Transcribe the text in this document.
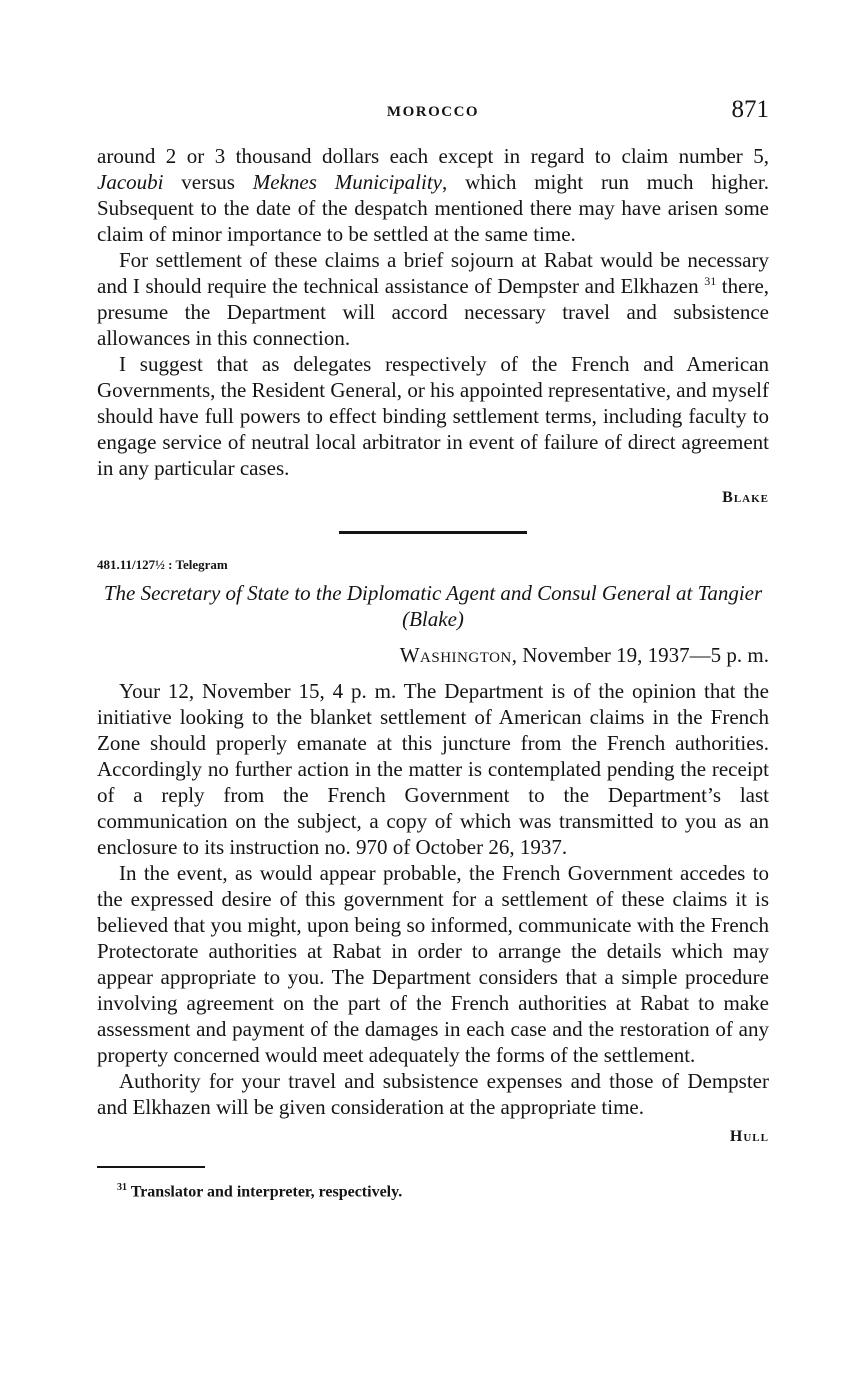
MOROCCO	871

around 2 or 3 thousand dollars each except in regard to claim number 5, Jacoubi versus Meknes Municipality, which might run much higher. Subsequent to the date of the despatch mentioned there may have arisen some claim of minor importance to be settled at the same time.

For settlement of these claims a brief sojourn at Rabat would be necessary and I should require the technical assistance of Dempster and Elkhazen $^{31}$ there, presume the Department will accord necessary travel and subsistence allowances in this connection.

I suggest that as delegates respectively of the French and American Governments, the Resident General, or his appointed representative, and myself should have full powers to effect binding settlement terms, including faculty to engage service of neutral local arbitrator in event of failure of direct agreement in any particular cases.

Blake
481.11/127½ : Telegram
The Secretary of State to the Diplomatic Agent and Consul General at Tangier (Blake)
Washington, November 19, 1937—5 p. m.

Your 12, November 15, 4 p. m. The Department is of the opinion that the initiative looking to the blanket settlement of American claims in the French Zone should properly emanate at this juncture from the French authorities. Accordingly no further action in the matter is contemplated pending the receipt of a reply from the French Government to the Department’s last communication on the subject, a copy of which was transmitted to you as an enclosure to its instruction no. 970 of October 26, 1937.

In the event, as would appear probable, the French Government accedes to the expressed desire of this government for a settlement of these claims it is believed that you might, upon being so informed, communicate with the French Protectorate authorities at Rabat in order to arrange the details which may appear appropriate to you. The Department considers that a simple procedure involving agreement on the part of the French authorities at Rabat to make assessment and payment of the damages in each case and the restoration of any property concerned would meet adequately the forms of the settlement.

Authority for your travel and subsistence expenses and those of Dempster and Elkhazen will be given consideration at the appropriate time.

Hull
$^{31}$ Translator and interpreter, respectively.
